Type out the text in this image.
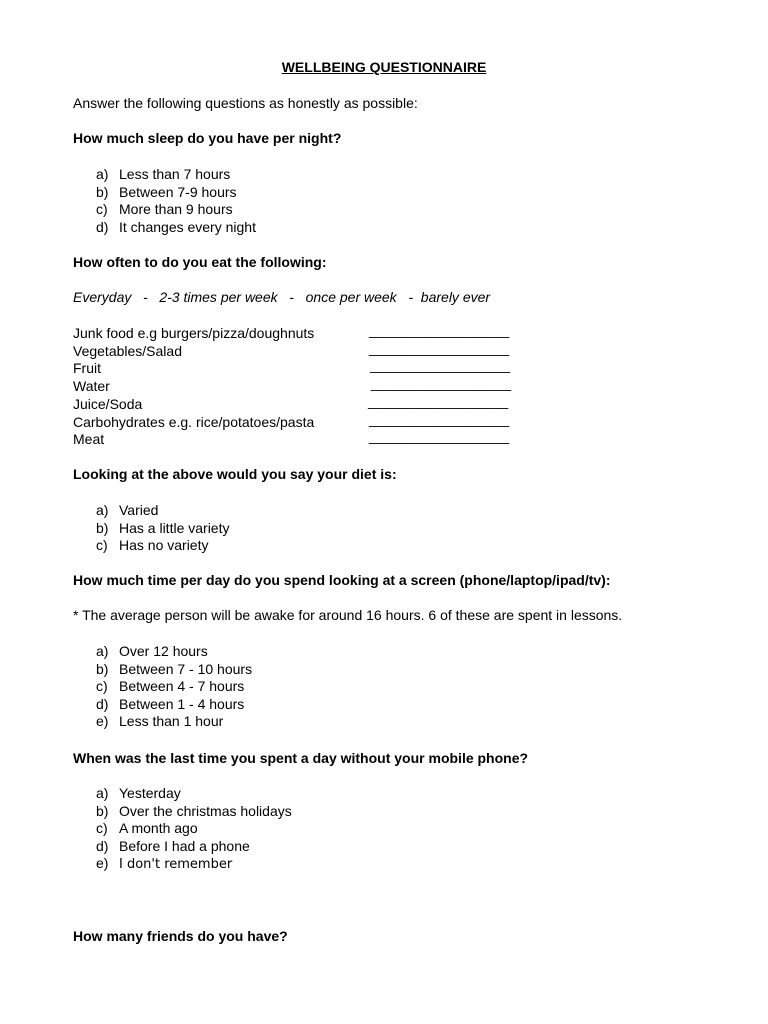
WELLBEING QUESTIONNAIRE
Answer the following questions as honestly as possible:
How much sleep do you have per night?
a) Less than 7 hours
b) Between 7-9 hours
c) More than 9 hours
d) It changes every night
How often to do you eat the following:
Everyday   -   2-3 times per week   -   once per week   -  barely ever
Junk food e.g burgers/pizza/doughnuts	__________________
Vegetables/Salad	__________________
Fruit	__________________
Water	__________________
Juice/Soda	__________________
Carbohydrates e.g. rice/potatoes/pasta	__________________
Meat	__________________
Looking at the above would you say your diet is:
a) Varied
b) Has a little variety
c) Has no variety
How much time per day do you spend looking at a screen (phone/laptop/ipad/tv):
* The average person will be awake for around 16 hours. 6 of these are spent in lessons.
a) Over 12 hours
b) Between 7 - 10 hours
c) Between 4 - 7 hours
d) Between 1 - 4 hours
e) Less than 1 hour
When was the last time you spent a day without your mobile phone?
a) Yesterday
b) Over the christmas holidays
c) A month ago
d) Before I had a phone
e) I don't remember
How many friends do you have?
